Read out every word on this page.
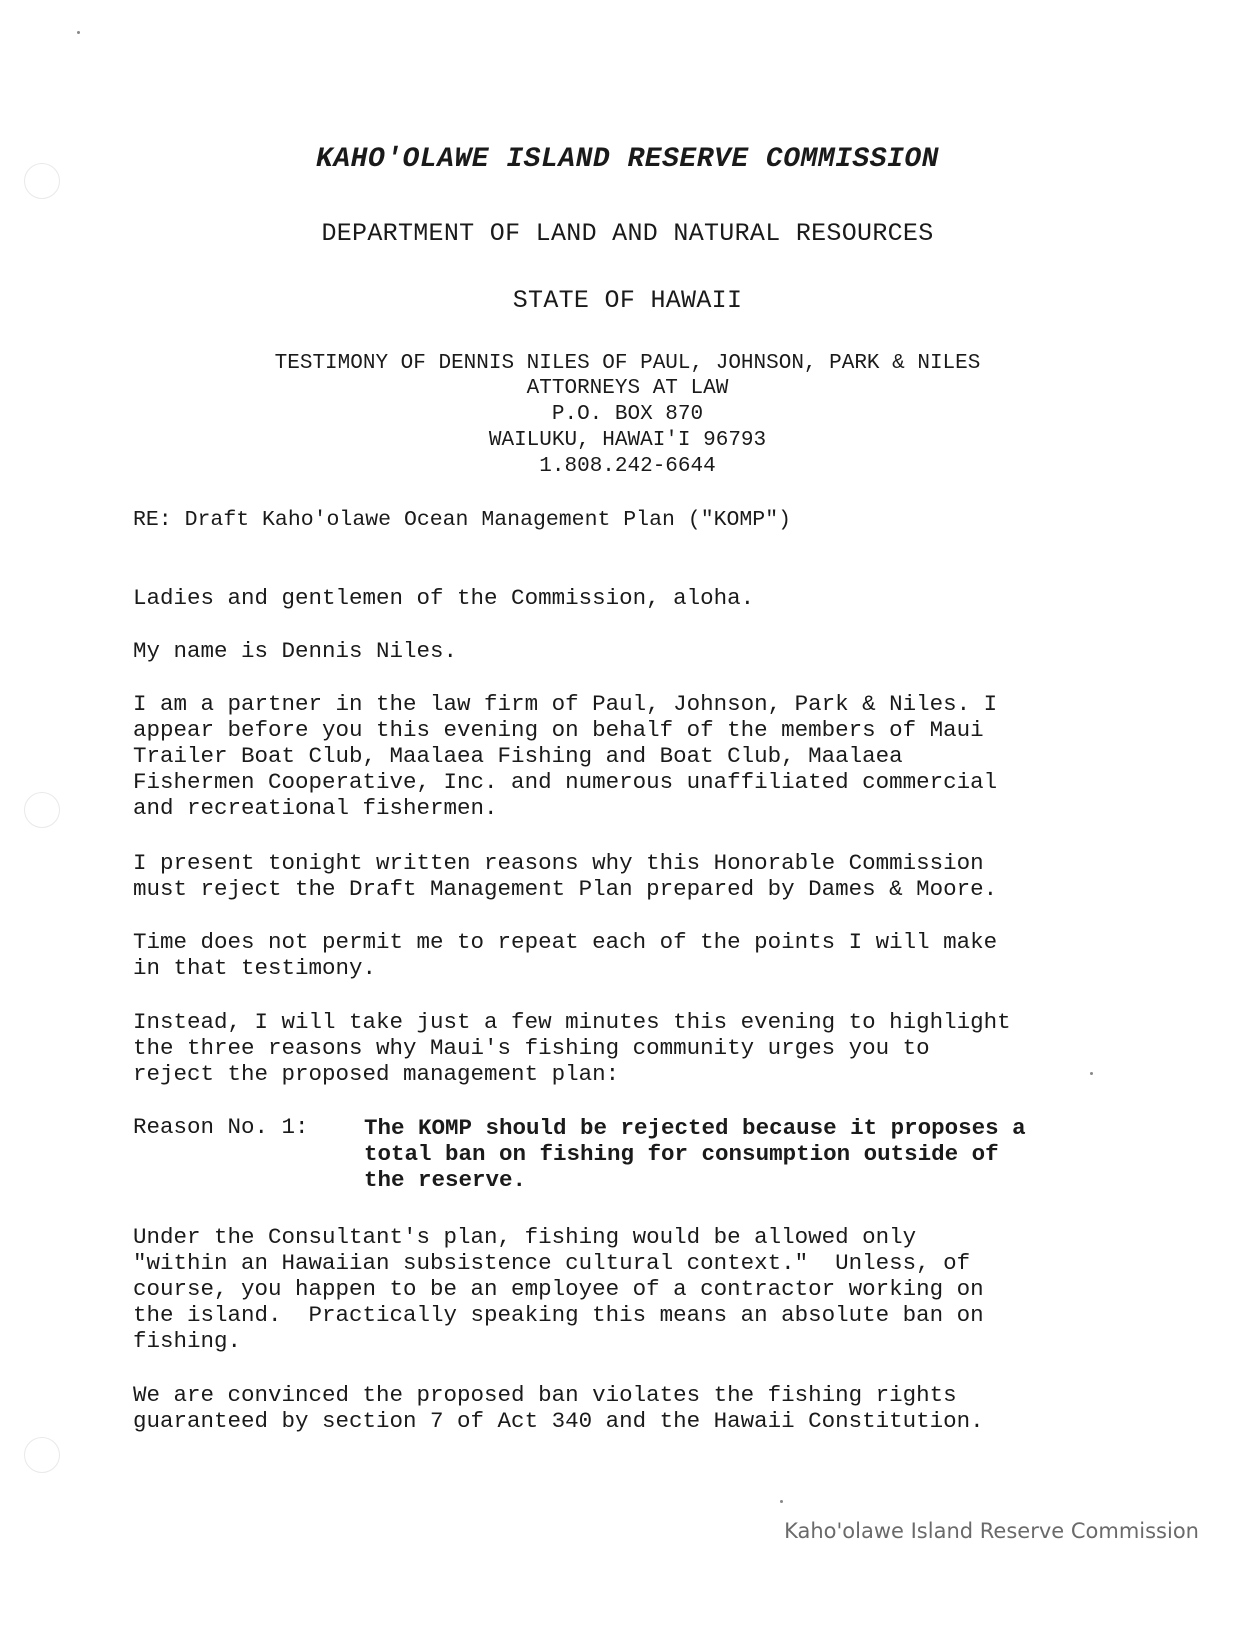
KAHO'OLAWE ISLAND RESERVE COMMISSION
DEPARTMENT OF LAND AND NATURAL RESOURCES
STATE OF HAWAII
TESTIMONY OF DENNIS NILES OF PAUL, JOHNSON, PARK & NILES
ATTORNEYS AT LAW
P.O. BOX 870
WAILUKU, HAWAI'I 96793
1.808.242-6644
RE: Draft Kaho'olawe Ocean Management Plan ("KOMP")
Ladies and gentlemen of the Commission, aloha.
My name is Dennis Niles.
I am a partner in the law firm of Paul, Johnson, Park & Niles. I
appear before you this evening on behalf of the members of Maui
Trailer Boat Club, Maalaea Fishing and Boat Club, Maalaea
Fishermen Cooperative, Inc. and numerous unaffiliated commercial
and recreational fishermen.
I present tonight written reasons why this Honorable Commission
must reject the Draft Management Plan prepared by Dames & Moore.
Time does not permit me to repeat each of the points I will make
in that testimony.
Instead, I will take just a few minutes this evening to highlight
the three reasons why Maui's fishing community urges you to
reject the proposed management plan:
Reason No. 1: The KOMP should be rejected because it proposes a
total ban on fishing for consumption outside of
the reserve.
Under the Consultant's plan, fishing would be allowed only
"within an Hawaiian subsistence cultural context."  Unless, of
course, you happen to be an employee of a contractor working on
the island.  Practically speaking this means an absolute ban on
fishing.
We are convinced the proposed ban violates the fishing rights
guaranteed by section 7 of Act 340 and the Hawaii Constitution.
Kaho'olawe Island Reserve Commission
